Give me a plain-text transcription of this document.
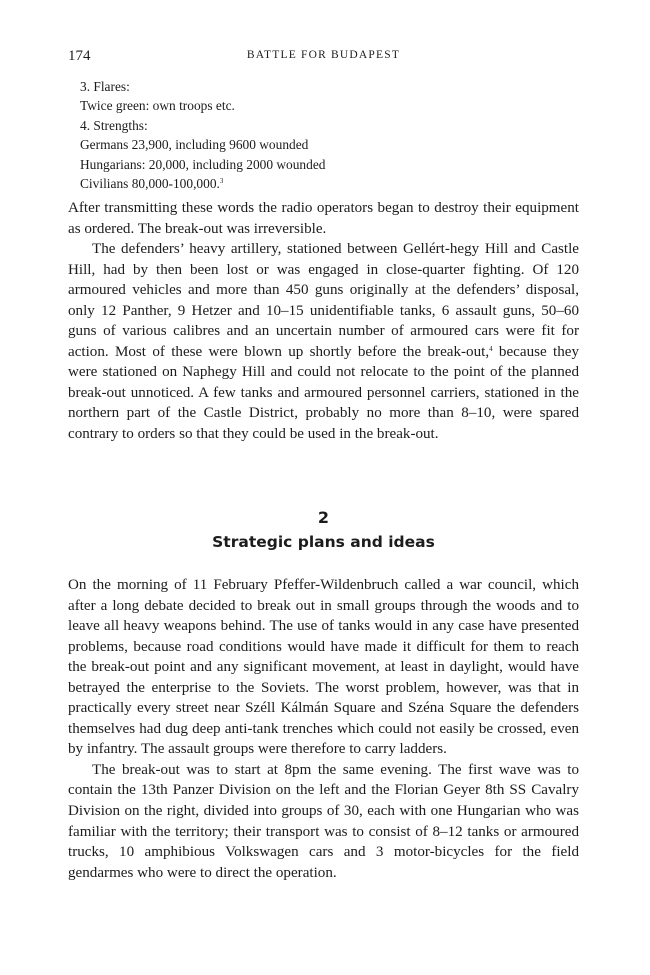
174	BATTLE FOR BUDAPEST
3. Flares:
Twice green: own troops etc.
4. Strengths:
Germans 23,900, including 9600 wounded
Hungarians: 20,000, including 2000 wounded
Civilians 80,000-100,000.$^3$

After transmitting these words the radio operators began to destroy their equipment as ordered. The break-out was irreversible.

The defenders’ heavy artillery, stationed between Gellért-hegy Hill and Castle Hill, had by then been lost or was engaged in close-quarter fighting. Of 120 armoured vehicles and more than 450 guns originally at the defenders’ disposal, only 12 Panther, 9 Hetzer and 10–15 unidentifiable tanks, 6 assault guns, 50–60 guns of various calibres and an uncertain number of armoured cars were fit for action. Most of these were blown up shortly before the break-out,$^4$ because they were stationed on Naphegy Hill and could not relocate to the point of the planned break-out unnoticed. A few tanks and armoured personnel carriers, stationed in the northern part of the Castle District, probably no more than 8–10, were spared contrary to orders so that they could be used in the break-out.

2
Strategic plans and ideas

On the morning of 11 February Pfeffer-Wildenbruch called a war council, which after a long debate decided to break out in small groups through the woods and to leave all heavy weapons behind. The use of tanks would in any case have presented problems, because road conditions would have made it difficult for them to reach the break-out point and any significant movement, at least in daylight, would have betrayed the enterprise to the Soviets. The worst problem, however, was that in practically every street near Széll Kálmán Square and Széna Square the defenders themselves had dug deep anti-tank trenches which could not easily be crossed, even by infantry. The assault groups were therefore to carry ladders.

The break-out was to start at 8pm the same evening. The first wave was to contain the 13th Panzer Division on the left and the Florian Geyer 8th SS Cavalry Division on the right, divided into groups of 30, each with one Hungarian who was familiar with the territory; their transport was to consist of 8–12 tanks or armoured trucks, 10 amphibious Volkswagen cars and 3 motor-bicycles for the field gendarmes who were to direct the operation.
